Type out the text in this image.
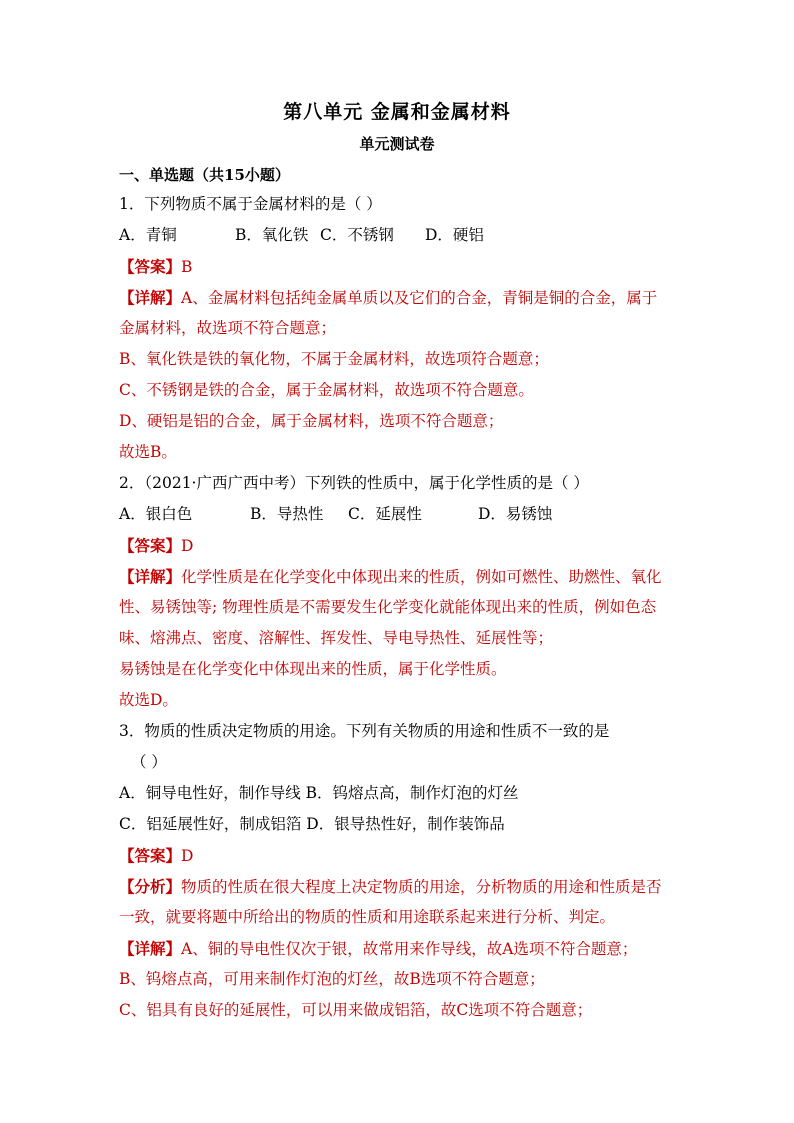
第八单元 金属和金属材料
单元测试卷
一、单选题（共15小题）
1．下列物质不属于金属材料的是（ ）
A．青铜	B．氧化铁 C．不锈钢 D．硬铝
【答案】B
【详解】A、金属材料包括纯金属单质以及它们的合金，青铜是铜的合金，属于
金属材料，故选项不符合题意；
B、氧化铁是铁的氧化物，不属于金属材料，故选项符合题意；
C、不锈钢是铁的合金，属于金属材料，故选项不符合题意。
D、硬铝是铝的合金，属于金属材料，选项不符合题意；
故选B。
2．（2021·广西广西中考）下列铁的性质中，属于化学性质的是（ ）
A．银白色	B．导热性 C．延展性	D．易锈蚀
【答案】D
【详解】化学性质是在化学变化中体现出来的性质，例如可燃性、助燃性、氧化
性、易锈蚀等; 物理性质是不需要发生化学变化就能体现出来的性质，例如色态
味、熔沸点、密度、溶解性、挥发性、导电导热性、延展性等；
易锈蚀是在化学变化中体现出来的性质，属于化学性质。
故选D。
3．物质的性质决定物质的用途。下列有关物质的用途和性质不一致的是
（ ）
A．铜导电性好，制作导线 B．钨熔点高，制作灯泡的灯丝
C．铝延展性好，制成铝箔 D．银导热性好，制作装饰品
【答案】D
【分析】物质的性质在很大程度上决定物质的用途，分析物质的用途和性质是否
一致，就要将题中所给出的物质的性质和用途联系起来进行分析、判定。
【详解】A、铜的导电性仅次于银，故常用来作导线，故A选项不符合题意；
B、钨熔点高，可用来制作灯泡的灯丝，故B选项不符合题意；
C、铝具有良好的延展性，可以用来做成铝箔，故C选项不符合题意；
